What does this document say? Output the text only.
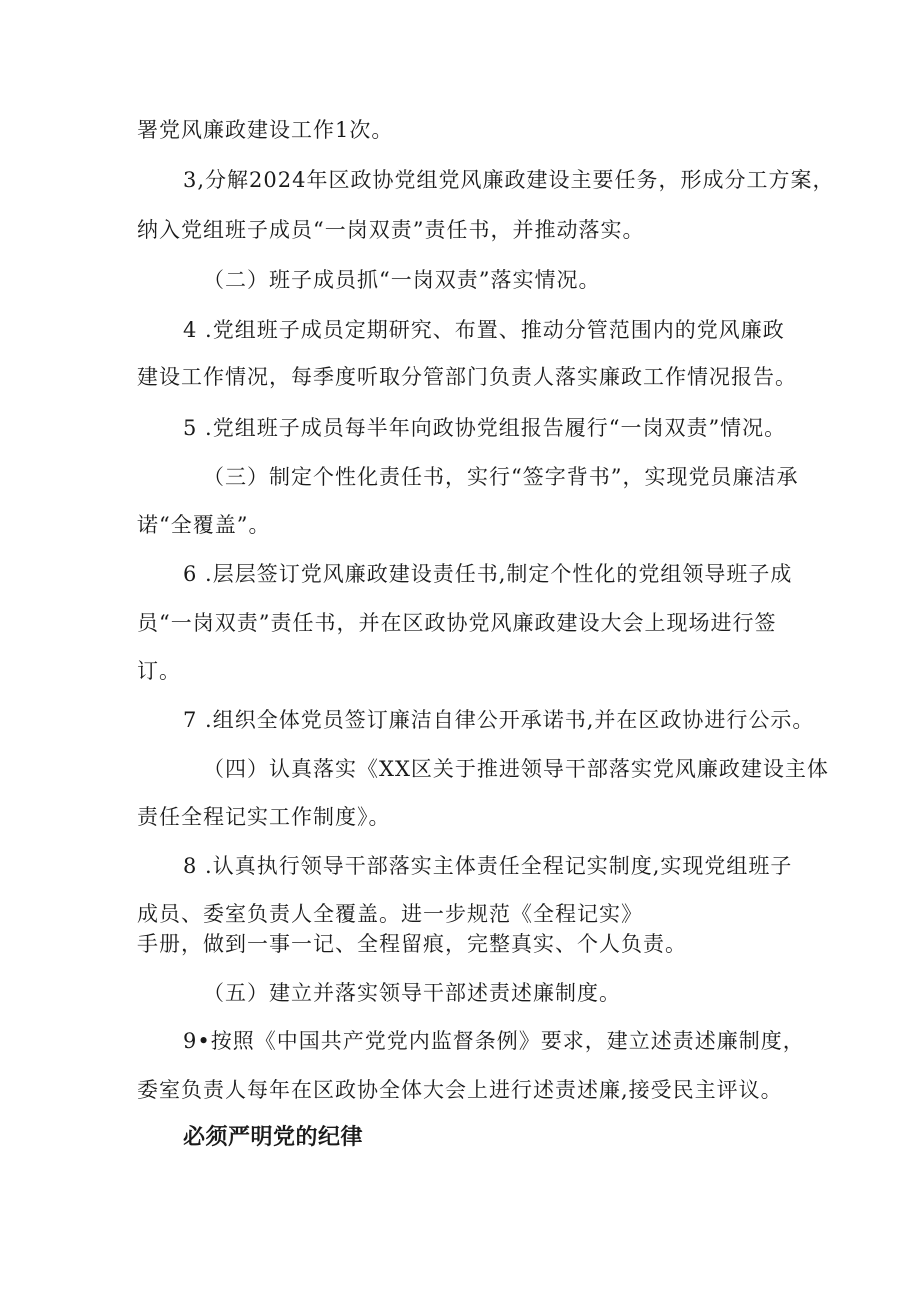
署党风廉政建设工作1次。
3,分解2024年区政协党组党风廉政建设主要任务，形成分工方案，
纳入党组班子成员“一岗双责”责任书，并推动落实。
（二）班子成员抓“一岗双责”落实情况。
4 .党组班子成员定期研究、布置、推动分管范围内的党风廉政
建设工作情况，每季度听取分管部门负责人落实廉政工作情况报告。
5 .党组班子成员每半年向政协党组报告履行“一岗双责”情况。
（三）制定个性化责任书，实行“签字背书”，实现党员廉洁承
诺“全覆盖”。
6 .层层签订党风廉政建设责任书,制定个性化的党组领导班子成
员“一岗双责”责任书，并在区政协党风廉政建设大会上现场进行签
订。
7 .组织全体党员签订廉洁自律公开承诺书,并在区政协进行公示。
（四）认真落实《XX区关于推进领导干部落实党风廉政建设主体
责任全程记实工作制度》。
8 .认真执行领导干部落实主体责任全程记实制度,实现党组班子
成员、委室负责人全覆盖。进一步规范《全程记实》
手册，做到一事一记、全程留痕，完整真实、个人负责。
（五）建立并落实领导干部述责述廉制度。
9•按照《中国共产党党内监督条例》要求，建立述责述廉制度，
委室负责人每年在区政协全体大会上进行述责述廉,接受民主评议。
必须严明党的纪律
